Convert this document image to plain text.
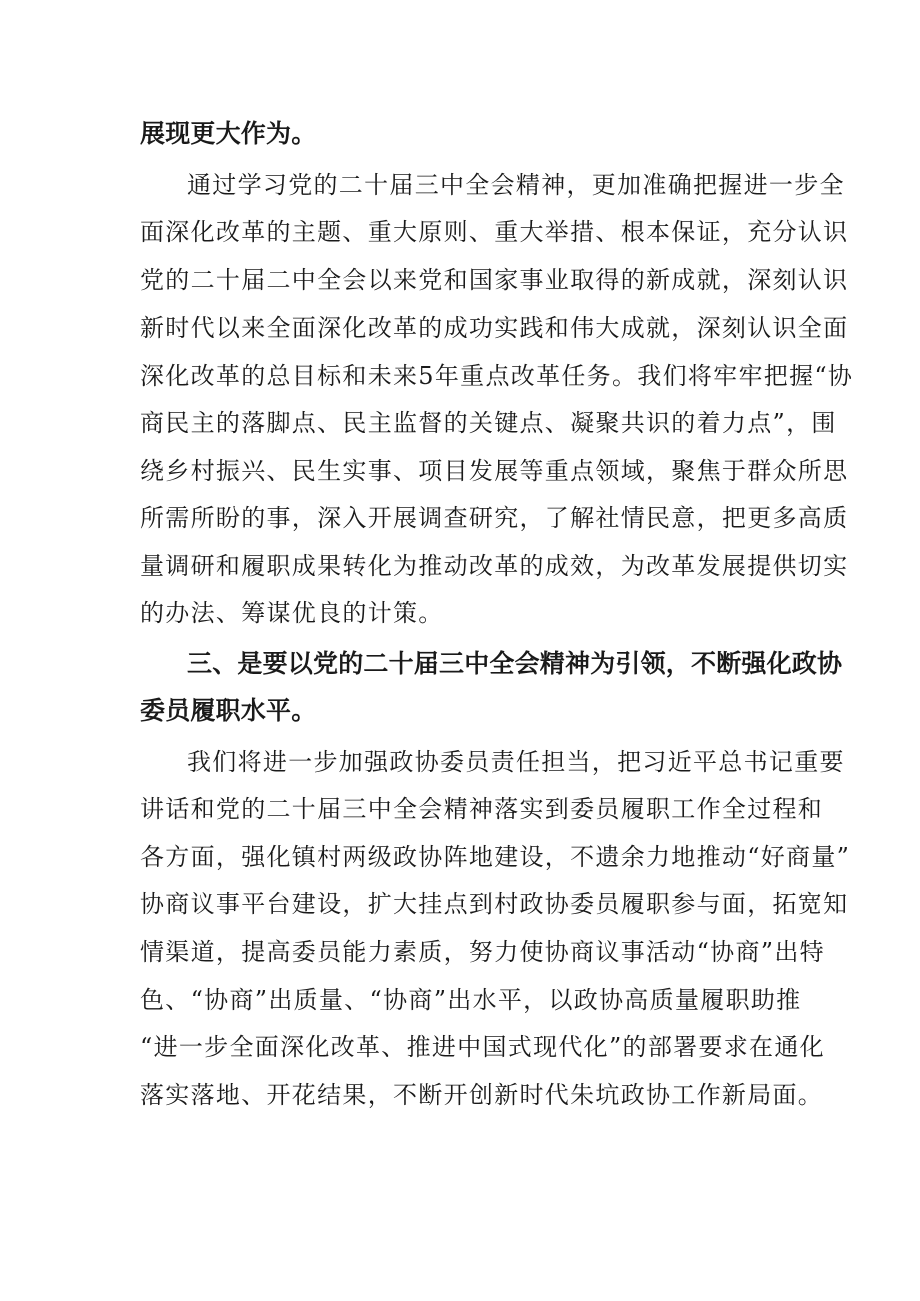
展现更大作为。
通过学习党的二十届三中全会精神，更加准确把握进一步全
面深化改革的主题、重大原则、重大举措、根本保证，充分认识
党的二十届二中全会以来党和国家事业取得的新成就，深刻认识
新时代以来全面深化改革的成功实践和伟大成就，深刻认识全面
深化改革的总目标和未来5年重点改革任务。我们将牢牢把握“协
商民主的落脚点、民主监督的关键点、凝聚共识的着力点”，围
绕乡村振兴、民生实事、项目发展等重点领域，聚焦于群众所思
所需所盼的事，深入开展调查研究，了解社情民意，把更多高质
量调研和履职成果转化为推动改革的成效，为改革发展提供切实
的办法、筹谋优良的计策。
三、是要以党的二十届三中全会精神为引领，不断强化政协
委员履职水平。
我们将进一步加强政协委员责任担当，把习近平总书记重要
讲话和党的二十届三中全会精神落实到委员履职工作全过程和
各方面，强化镇村两级政协阵地建设，不遗余力地推动“好商量”
协商议事平台建设，扩大挂点到村政协委员履职参与面，拓宽知
情渠道，提高委员能力素质，努力使协商议事活动“协商”出特
色、“协商”出质量、“协商”出水平，以政协高质量履职助推
“进一步全面深化改革、推进中国式现代化”的部署要求在通化
落实落地、开花结果，不断开创新时代朱坑政协工作新局面。
